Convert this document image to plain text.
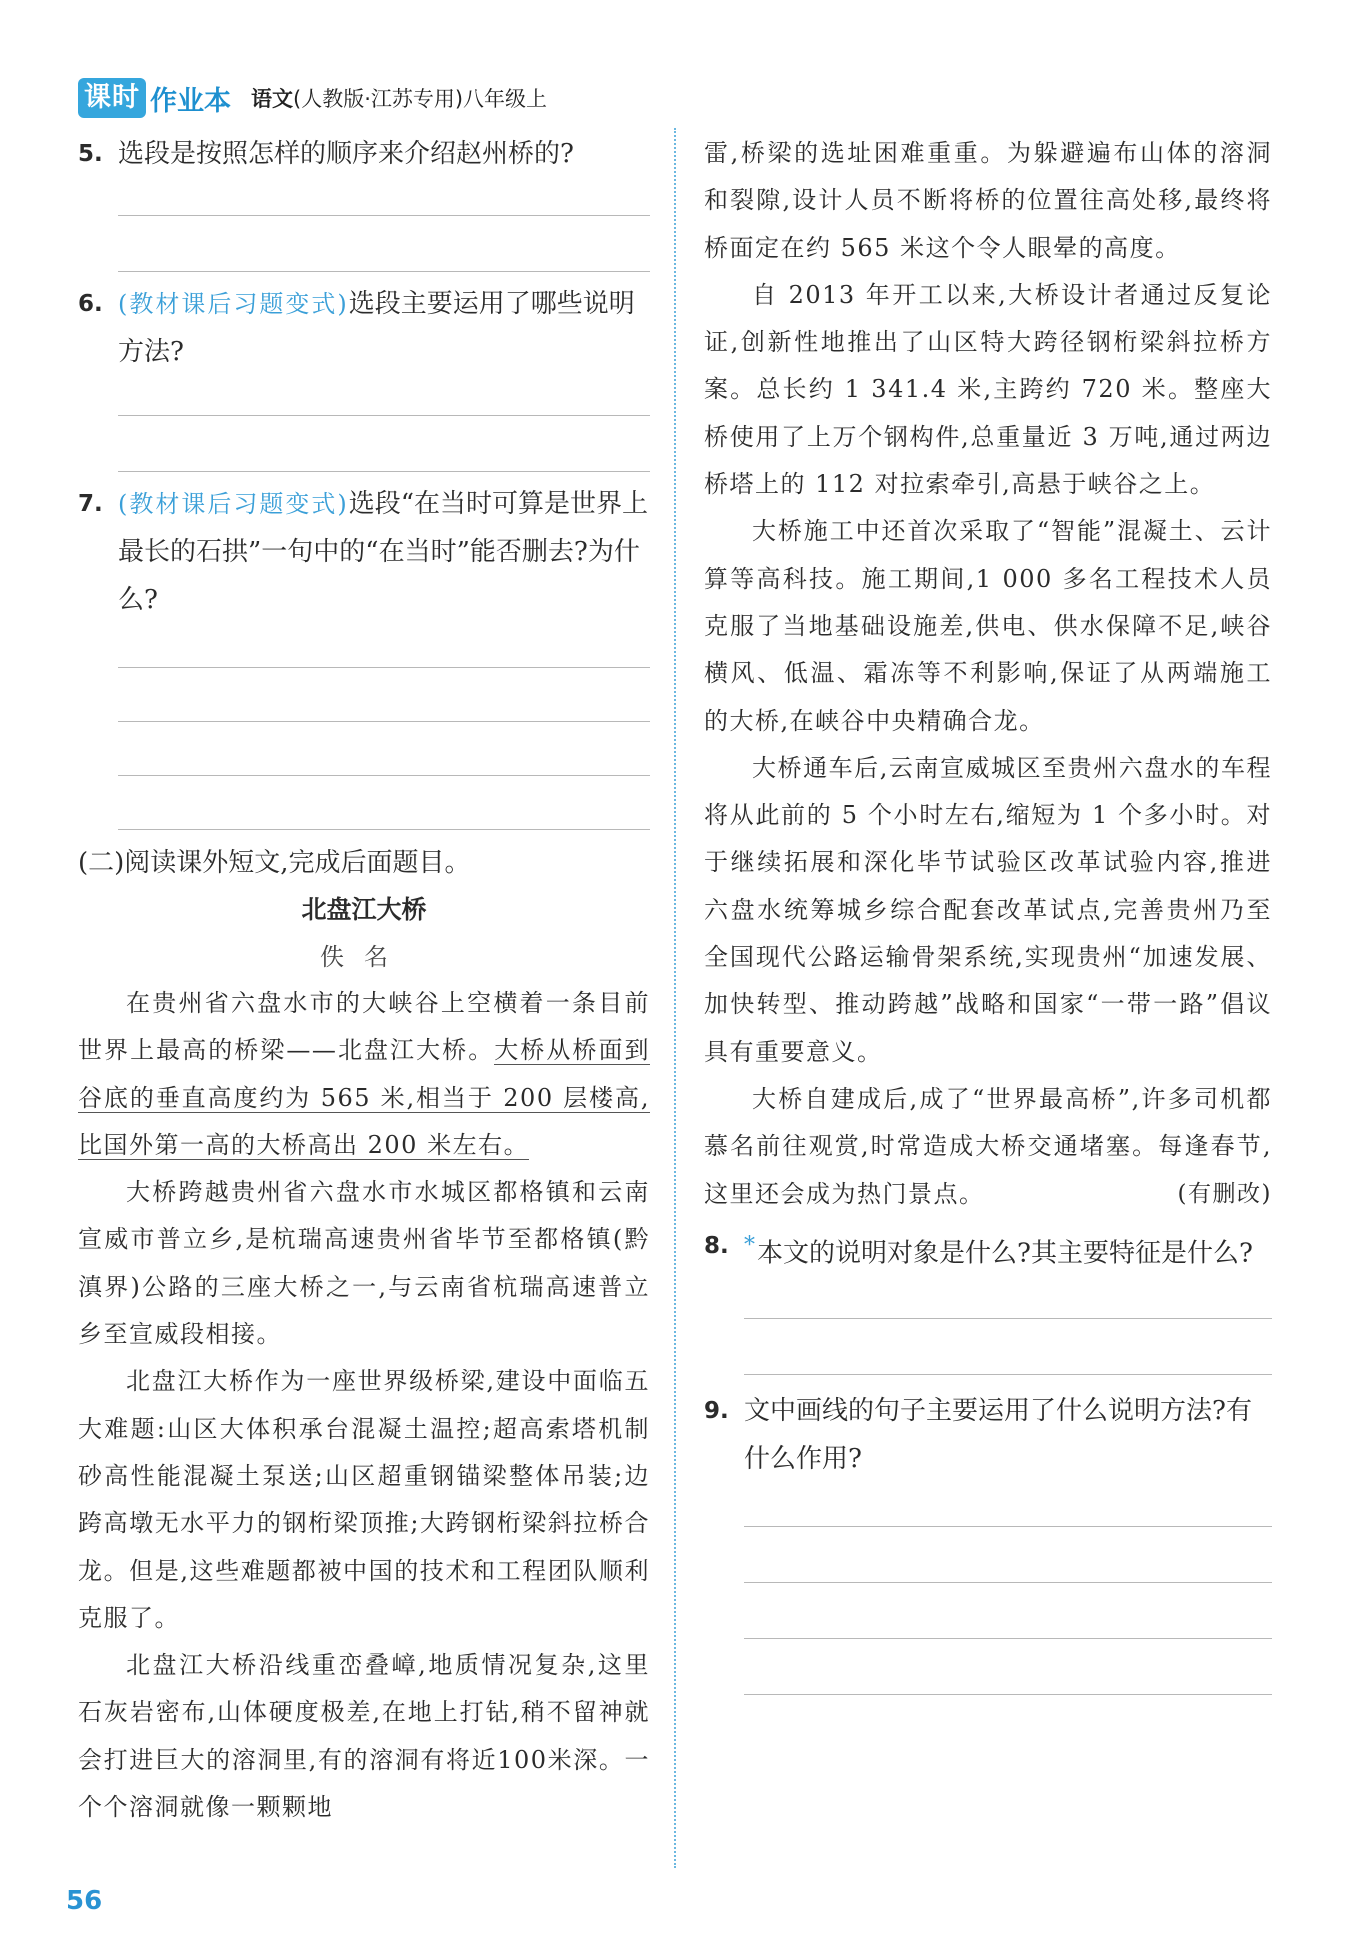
课时 作业本 语文(人教版·江苏专用)八年级上
5. 选段是按照怎样的顺序来介绍赵州桥的?
6. (教材课后习题变式)选段主要运用了哪些说明方法?
7. (教材课后习题变式)选段“在当时可算是世界上最长的石拱”一句中的“在当时”能否删去?为什么?
(二)阅读课外短文,完成后面题目。
北盘江大桥
佚名

在贵州省六盘水市的大峡谷上空横着一条目前世界上最高的桥梁——北盘江大桥。大桥从桥面到谷底的垂直高度约为 565 米,相当于 200 层楼高,比国外第一高的大桥高出 200 米左右。

大桥跨越贵州省六盘水市水城区都格镇和云南宣威市普立乡,是杭瑞高速贵州省毕节至都格镇(黔滇界)公路的三座大桥之一,与云南省杭瑞高速普立乡至宣威段相接。

北盘江大桥作为一座世界级桥梁,建设中面临五大难题:山区大体积承台混凝土温控;超高索塔机制砂高性能混凝土泵送;山区超重钢锚梁整体吊装;边跨高墩无水平力的钢桁梁顶推;大跨钢桁梁斜拉桥合龙。但是,这些难题都被中国的技术和工程团队顺利克服了。

北盘江大桥沿线重峦叠嶂,地质情况复杂,这里石灰岩密布,山体硬度极差,在地上打钻,稍不留神就会打进巨大的溶洞里,有的溶洞有将近100米深。一个个溶洞就像一颗颗地

雷,桥梁的选址困难重重。为躲避遍布山体的溶洞和裂隙,设计人员不断将桥的位置往高处移,最终将桥面定在约 565 米这个令人眼晕的高度。

自 2013 年开工以来,大桥设计者通过反复论证,创新性地推出了山区特大跨径钢桁梁斜拉桥方案。总长约 1 341.4 米,主跨约 720 米。整座大桥使用了上万个钢构件,总重量近 3 万吨,通过两边桥塔上的 112 对拉索牵引,高悬于峡谷之上。

大桥施工中还首次采取了“智能”混凝土、云计算等高科技。施工期间,1 000 多名工程技术人员克服了当地基础设施差,供电、供水保障不足,峡谷横风、低温、霜冻等不利影响,保证了从两端施工的大桥,在峡谷中央精确合龙。

大桥通车后,云南宣威城区至贵州六盘水的车程将从此前的 5 个小时左右,缩短为 1 个多小时。对于继续拓展和深化毕节试验区改革试验内容,推进六盘水统筹城乡综合配套改革试点,完善贵州乃至全国现代公路运输骨架系统,实现贵州“加速发展、加快转型、推动跨越”战略和国家“一带一路”倡议具有重要意义。

大桥自建成后,成了“世界最高桥”,许多司机都慕名前往观赏,时常造成大桥交通堵塞。每逢春节,这里还会成为热门景点。	(有删改)

8. *本文的说明对象是什么?其主要特征是什么?
9. 文中画线的句子主要运用了什么说明方法?有什么作用?
56
